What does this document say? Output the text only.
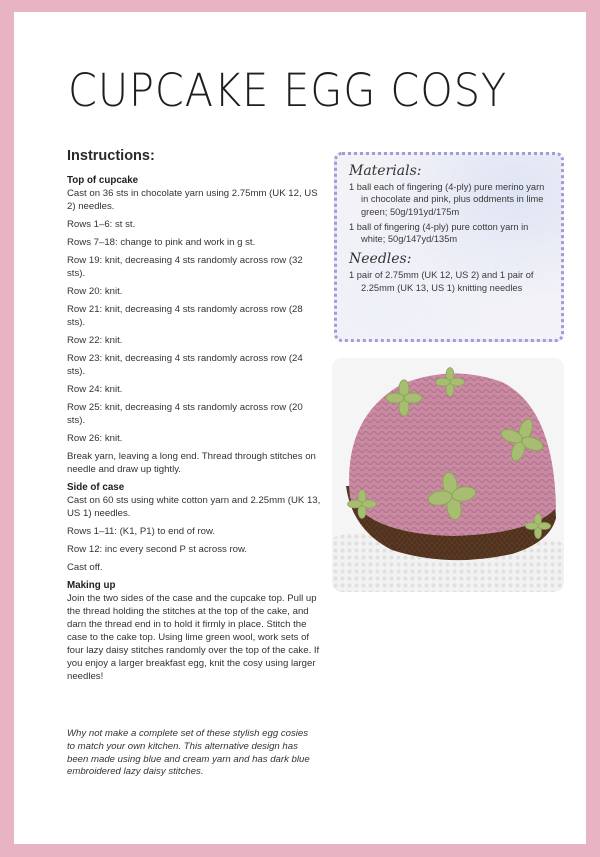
CUPCAKE EGG COSY
Instructions:
Top of cupcake

Cast on 36 sts in chocolate yarn using 2.75mm (UK 12, US 2) needles.

Rows 1–6: st st.

Rows 7–18: change to pink and work in g st.

Row 19: knit, decreasing 4 sts randomly across row (32 sts).

Row 20: knit.

Row 21: knit, decreasing 4 sts randomly across row (28 sts).

Row 22: knit.

Row 23: knit, decreasing 4 sts randomly across row (24 sts).

Row 24: knit.

Row 25: knit, decreasing 4 sts randomly across row (20 sts).

Row 26: knit.

Break yarn, leaving a long end. Thread through stitches on needle and draw up tightly.

Side of case

Cast on 60 sts using white cotton yarn and 2.25mm (UK 13, US 1) needles.

Rows 1–11: (K1, P1) to end of row.

Row 12: inc every second P st across row.

Cast off.

Making up

Join the two sides of the case and the cupcake top. Pull up the thread holding the stitches at the top of the cake, and darn the thread end in to hold it firmly in place. Stitch the case to the cake top. Using lime green wool, work sets of four lazy daisy stitches randomly over the top of the cake. If you enjoy a larger breakfast egg, knit the cosy using larger needles!

Why not make a complete set of these stylish egg cosies to match your own kitchen. This alternative design has been made using blue and cream yarn and has dark blue embroidered lazy daisy stitches.
Materials:
1 ball each of fingering (4-ply) pure merino yarn in chocolate and pink, plus oddments in lime green; 50g/191yd/175m
1 ball of fingering (4-ply) pure cotton yarn in white; 50g/147yd/135m
Needles:
1 pair of 2.75mm (UK 12, US 2) and 1 pair of 2.25mm (UK 13, US 1) knitting needles
